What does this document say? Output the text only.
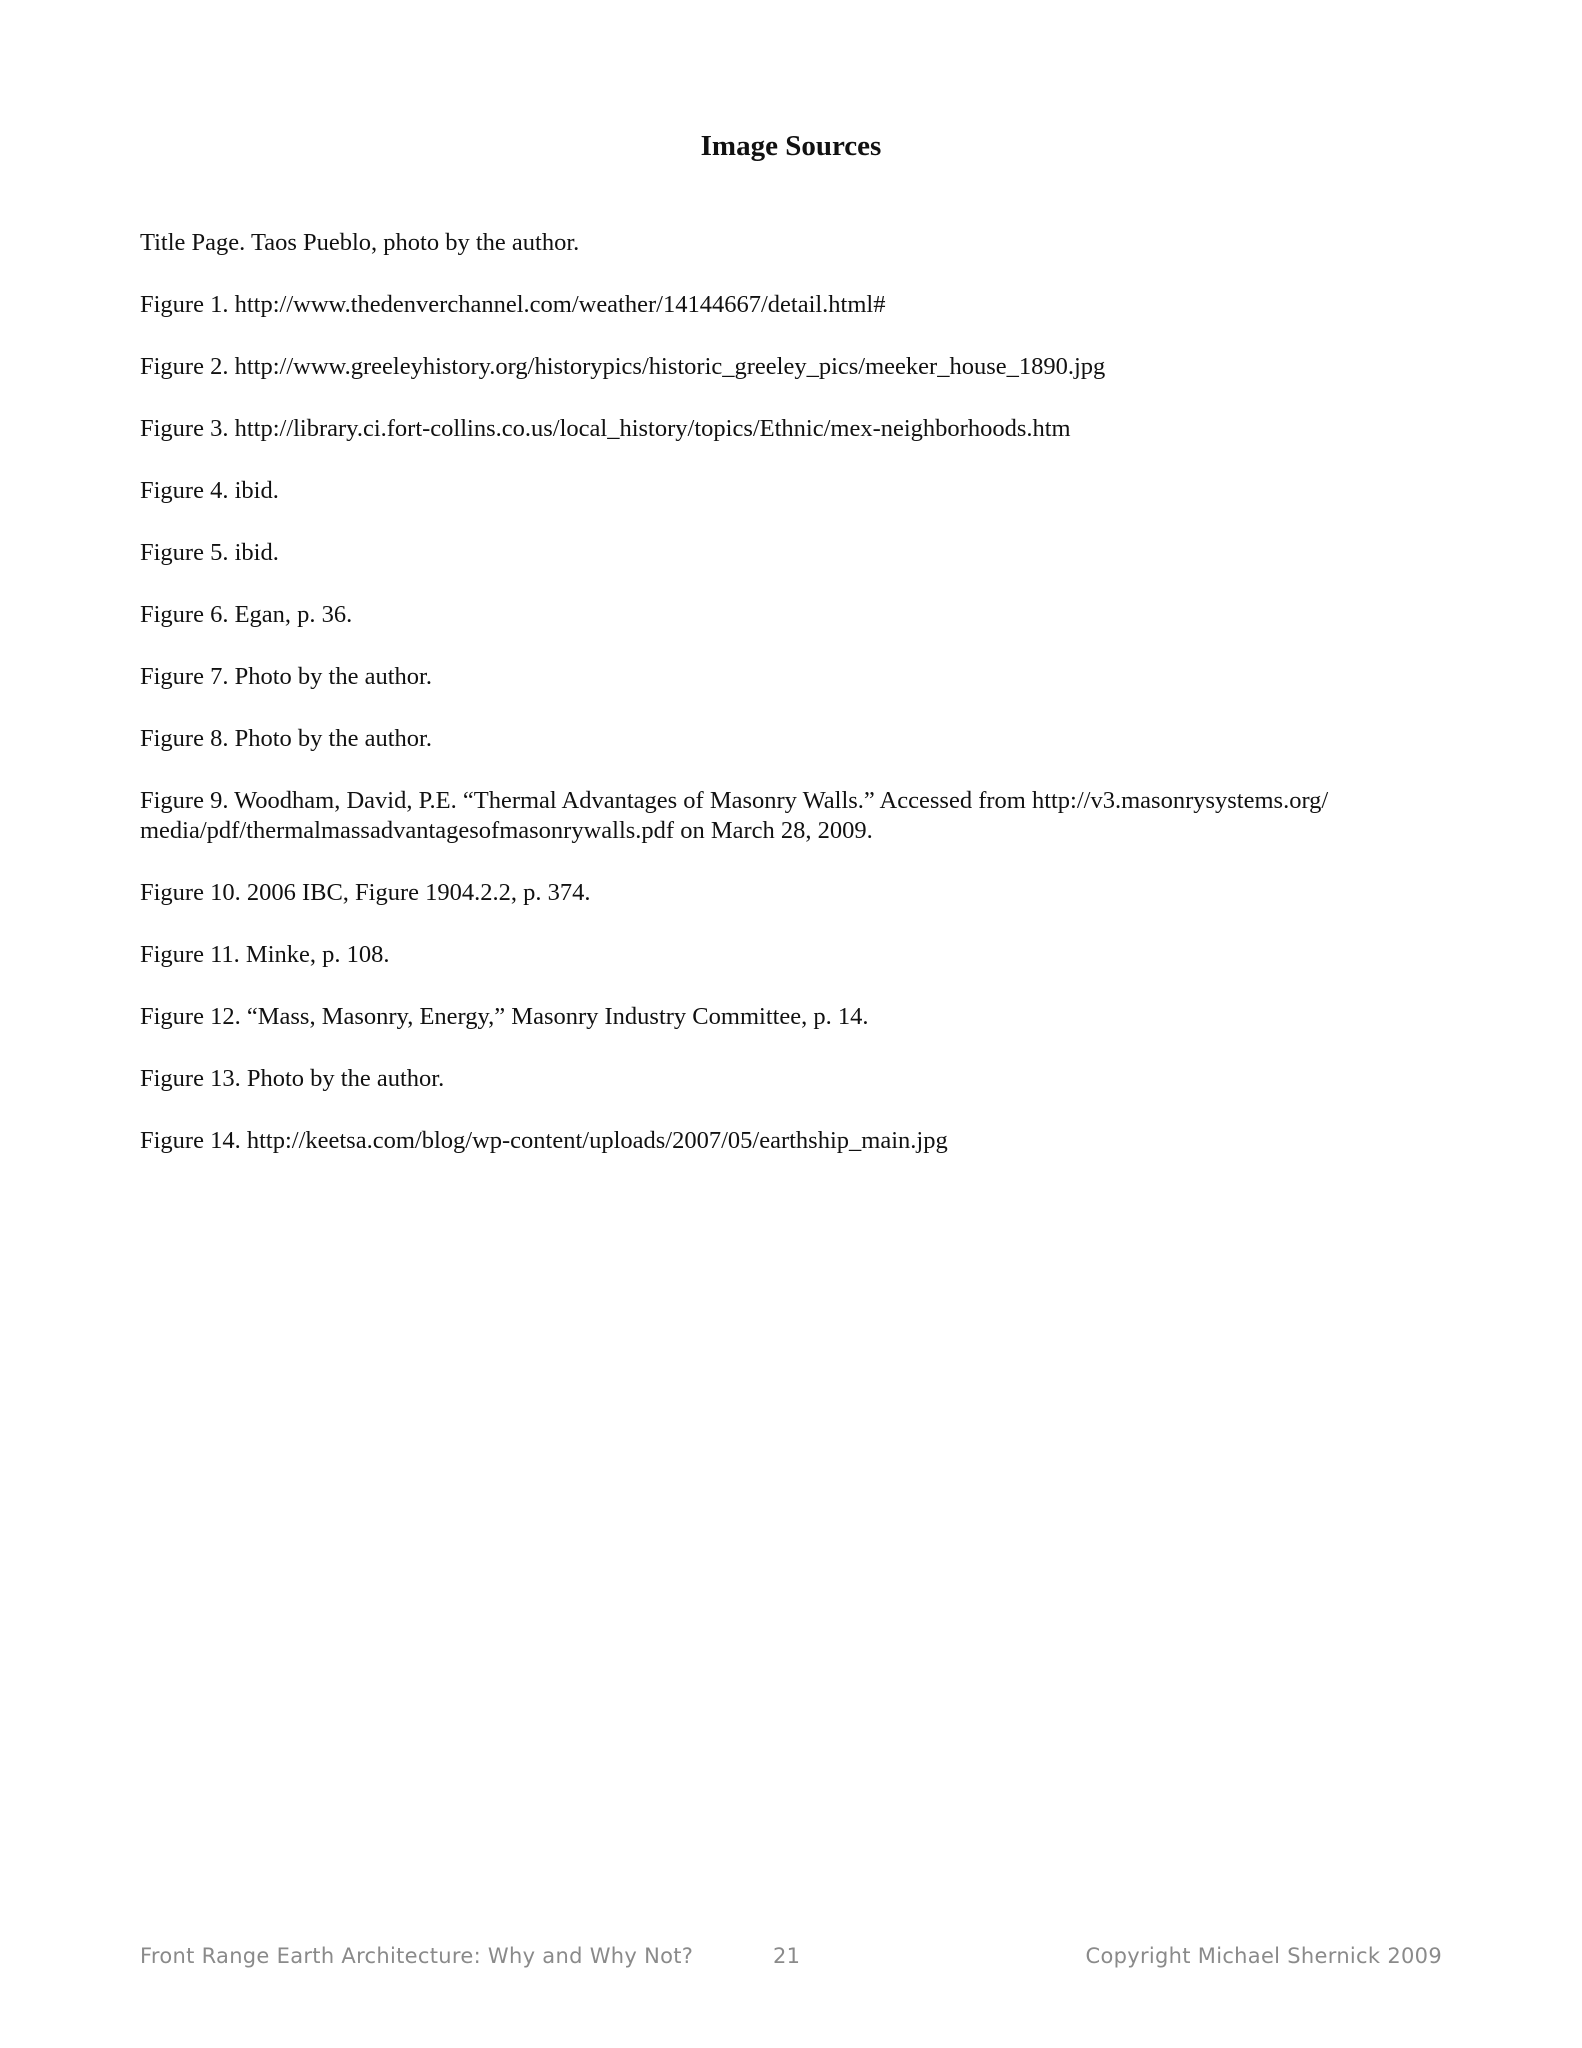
Image Sources
Title Page. Taos Pueblo, photo by the author.
Figure 1. http://www.thedenverchannel.com/weather/14144667/detail.html#
Figure 2. http://www.greeleyhistory.org/historypics/historic_greeley_pics/meeker_house_1890.jpg
Figure 3. http://library.ci.fort-collins.co.us/local_history/topics/Ethnic/mex-neighborhoods.htm
Figure 4. ibid.
Figure 5. ibid.
Figure 6. Egan, p. 36.
Figure 7. Photo by the author.
Figure 8. Photo by the author.
Figure 9. Woodham, David, P.E. “Thermal Advantages of Masonry Walls.” Accessed from http://v3.masonrysystems.org/ media/pdf/thermalmassadvantagesofmasonrywalls.pdf on March 28, 2009.
Figure 10. 2006 IBC, Figure 1904.2.2, p. 374.
Figure 11. Minke, p. 108.
Figure 12. “Mass, Masonry, Energy,” Masonry Industry Committee, p. 14.
Figure 13. Photo by the author.
Figure 14. http://keetsa.com/blog/wp-content/uploads/2007/05/earthship_main.jpg
Front Range Earth Architecture: Why and Why Not?	21	Copyright Michael Shernick 2009
